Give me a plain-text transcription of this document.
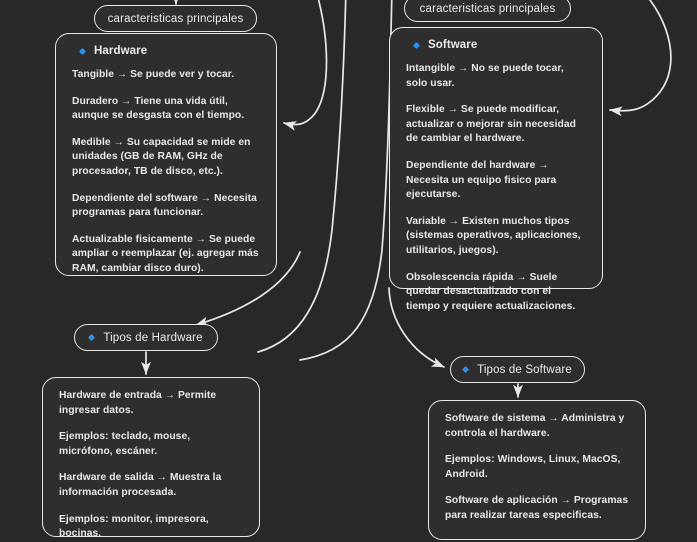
caracteristicas principales
Hardware

Tangible → Se puede ver y tocar.

Duradero → Tiene una vida útil, aunque se desgasta con el tiempo.

Medible → Su capacidad se mide en unidades (GB de RAM, GHz de procesador, TB de disco, etc.).

Dependiente del software → Necesita programas para funcionar.

Actualizable fisicamente → Se puede ampliar o reemplazar (ej. agregar más RAM, cambiar disco duro).

caracteristicas principales
Software

Intangible → No se puede tocar, solo usar.

Flexible → Se puede modificar, actualizar o mejorar sin necesidad de cambiar el hardware.

Dependiente del hardware → Necesita un equipo fisico para ejecutarse.

Variable → Existen muchos tipos (sistemas operativos, aplicaciones, utilitarios, juegos).

Obsolescencia rápida → Suele quedar desactualizado con el tiempo y requiere actualizaciones.

Tipos de Hardware

Hardware de entrada → Permite ingresar datos.

Ejemplos: teclado, mouse, micrófono, escáner.

Hardware de salida → Muestra la información procesada.

Ejemplos: monitor, impresora, bocinas.

Tipos de Software

Software de sistema → Administra y controla el hardware.

Ejemplos: Windows, Linux, MacOS, Android.

Software de aplicación → Programas para realizar tareas especificas.
